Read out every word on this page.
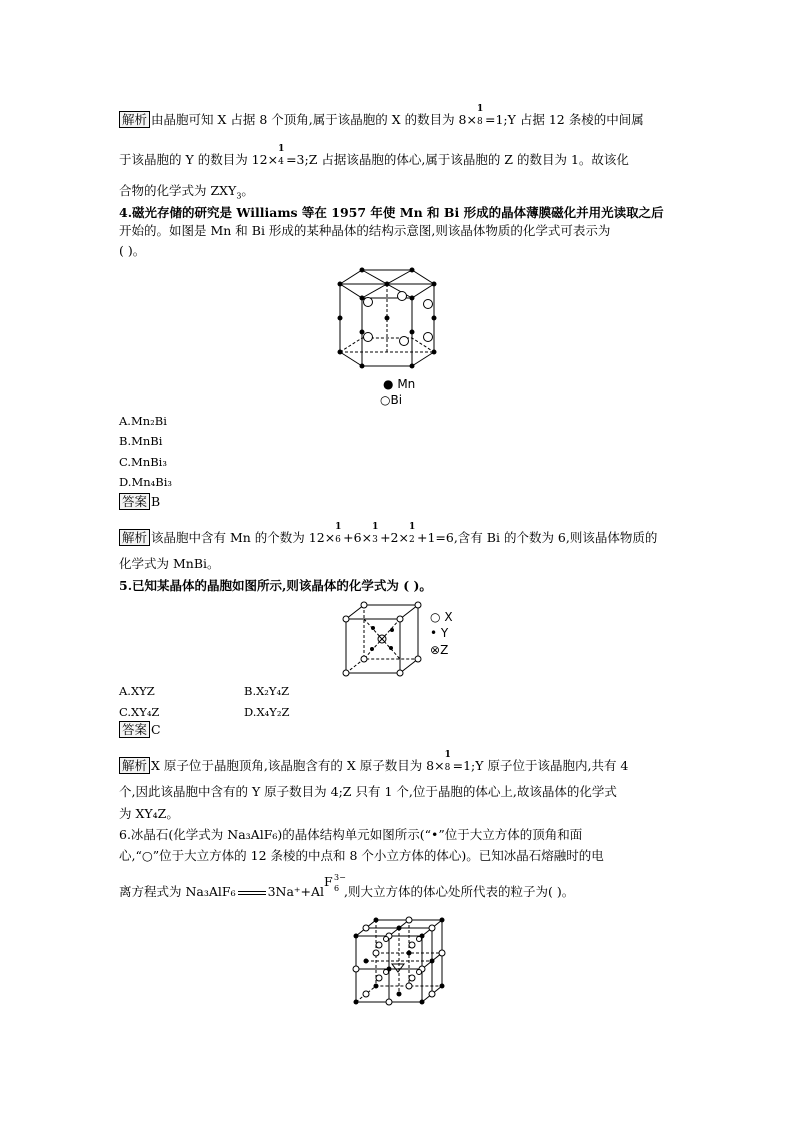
解析 由晶胞可知 X 占据 8 个顶角,属于该晶胞的 X 的数目为 8×
1
8 =1;Y 占据 12 条棱的中间属
于该晶胞的 Y 的数目为 12×
1
4 =3;Z 占据该晶胞的体心,属于该晶胞的 Z 的数目为 1。故该化
合物的化学式为 $ZXY_3$。
4.磁光存储的研究是 Williams 等在 1957 年使 Mn 和 Bi 形成的晶体薄膜磁化并用光读取之后
开始的。如图是 Mn 和 Bi 形成的某种晶体的结构示意图,则该晶体物质的化学式可表示为
( )。
● Mn
○Bi
A.Mn₂Bi
B.MnBi
C.MnBi₃
D.Mn₄Bi₃
答案 B
解析 该晶胞中含有 Mn 的个数为 12×
1
6 +6×
1
3 +2×
1
2 +1=6,含有 Bi 的个数为 6,则该晶体物质的
化学式为 MnBi。
5.已知某晶体的晶胞如图所示,则该晶体的化学式为 ( )。
○ X
• Y
⊗Z
A.XYZ	B.X₂Y₄Z
C.XY₄Z	D.X₄Y₂Z
答案 C
解析 X 原子位于晶胞顶角,该晶胞含有的 X 原子数目为 8×
1
8 =1;Y 原子位于该晶胞内,共有 4
个,因此该晶胞中含有的 Y 原子数目为 4;Z 只有 1 个,位于晶胞的体心上,故该晶体的化学式
为 XY₄Z。
6.冰晶石(化学式为 Na₃AlF₆)的晶体结构单元如图所示(“•”位于大立方体的顶角和面
心,“○”位于大立方体的 12 条棱的中点和 8 个小立方体的体心)。已知冰晶石熔融时的电
离方程式为 Na₃AlF₆	3Na⁺+Al
F 3−
6 ,则大立方体的体心处所代表的粒子为( )。
